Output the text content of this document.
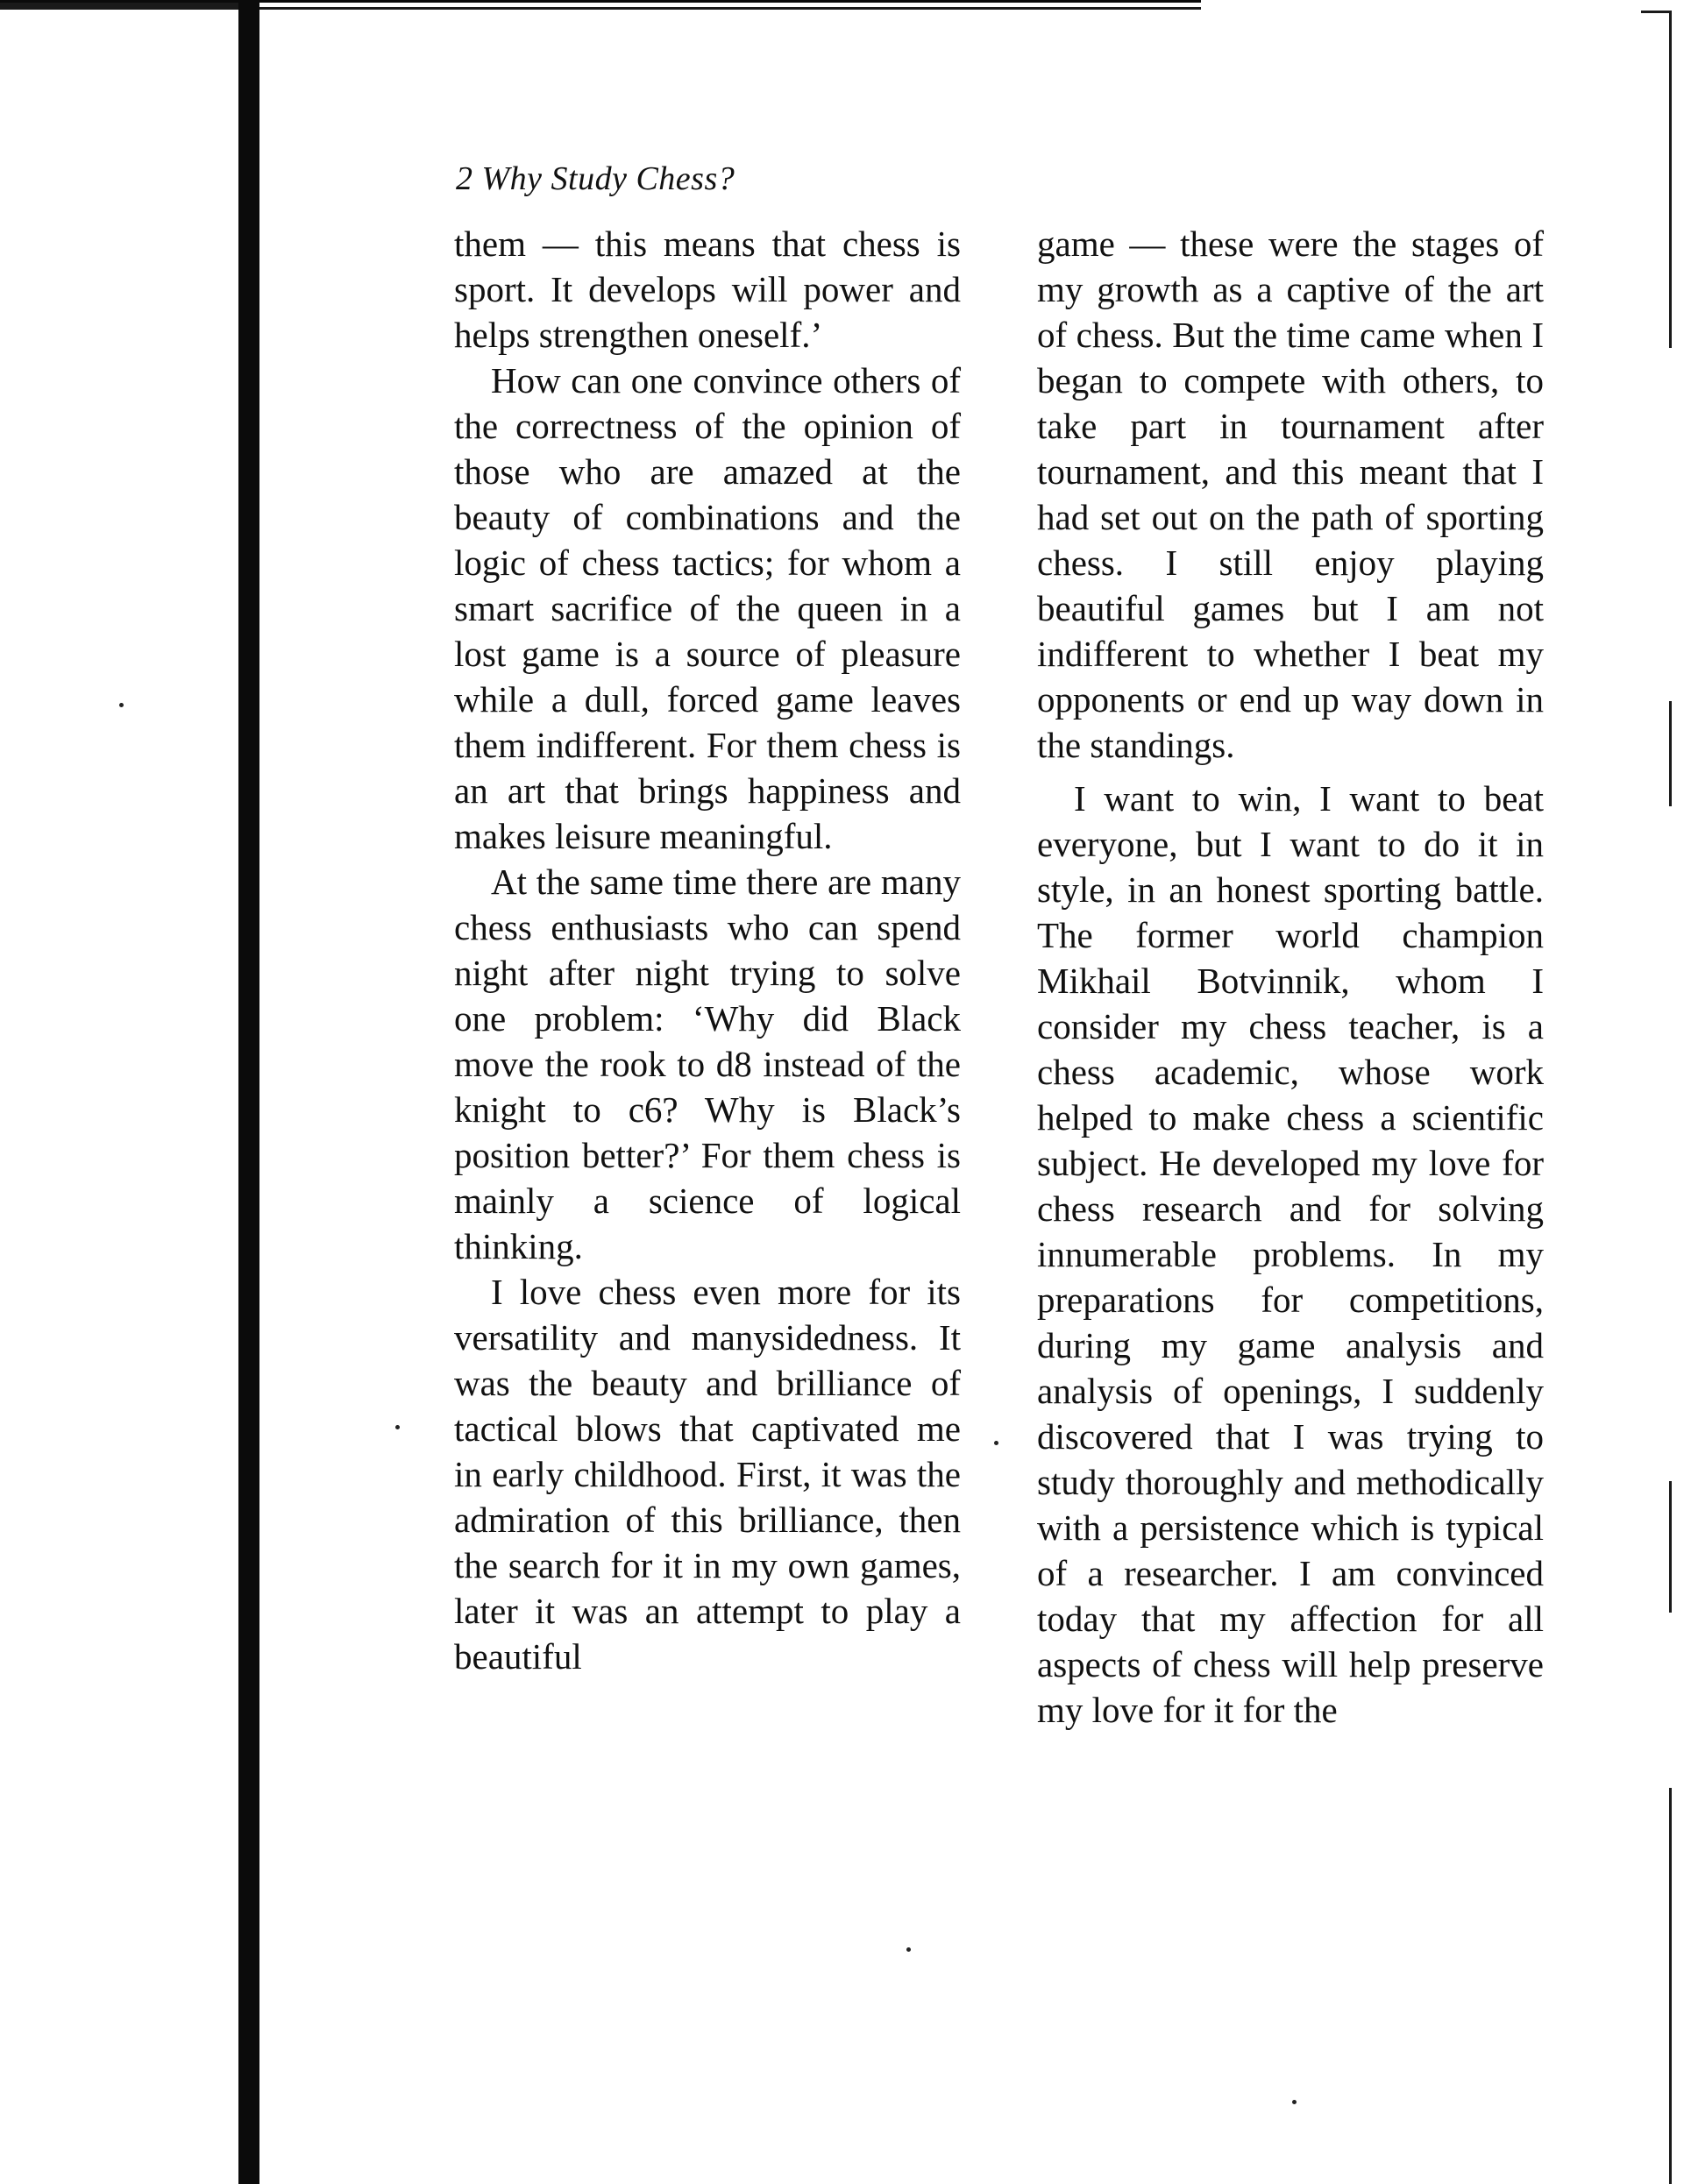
2 Why Study Chess?

them — this means that chess is sport. It develops will power and helps strengthen oneself.’

How can one convince others of the correctness of the opinion of those who are amazed at the beauty of combinations and the logic of chess tactics; for whom a smart sacrifice of the queen in a lost game is a source of pleasure while a dull, forced game leaves them indifferent. For them chess is an art that brings happiness and makes leisure meaningful.

At the same time there are many chess enthusiasts who can spend night after night trying to solve one problem: ‘Why did Black move the rook to d8 instead of the knight to c6? Why is Black’s position better?’ For them chess is mainly a science of logical thinking.

I love chess even more for its versatility and manysidedness. It was the beauty and brilliance of tactical blows that captivated me in early childhood. First, it was the admiration of this brilliance, then the search for it in my own games, later it was an attempt to play a beautiful

game — these were the stages of my growth as a captive of the art of chess. But the time came when I began to compete with others, to take part in tournament after tournament, and this meant that I had set out on the path of sporting chess. I still enjoy playing beautiful games but I am not indifferent to whether I beat my opponents or end up way down in the standings.

I want to win, I want to beat everyone, but I want to do it in style, in an honest sporting battle. The former world champion Mikhail Botvinnik, whom I consider my chess teacher, is a chess academic, whose work helped to make chess a scientific subject. He developed my love for chess research and for solving innumerable problems. In my preparations for competitions, during my game analysis and analysis of openings, I suddenly discovered that I was trying to study thoroughly and methodically with a persistence which is typical of a researcher. I am convinced today that my affection for all aspects of chess will help preserve my love for it for the
